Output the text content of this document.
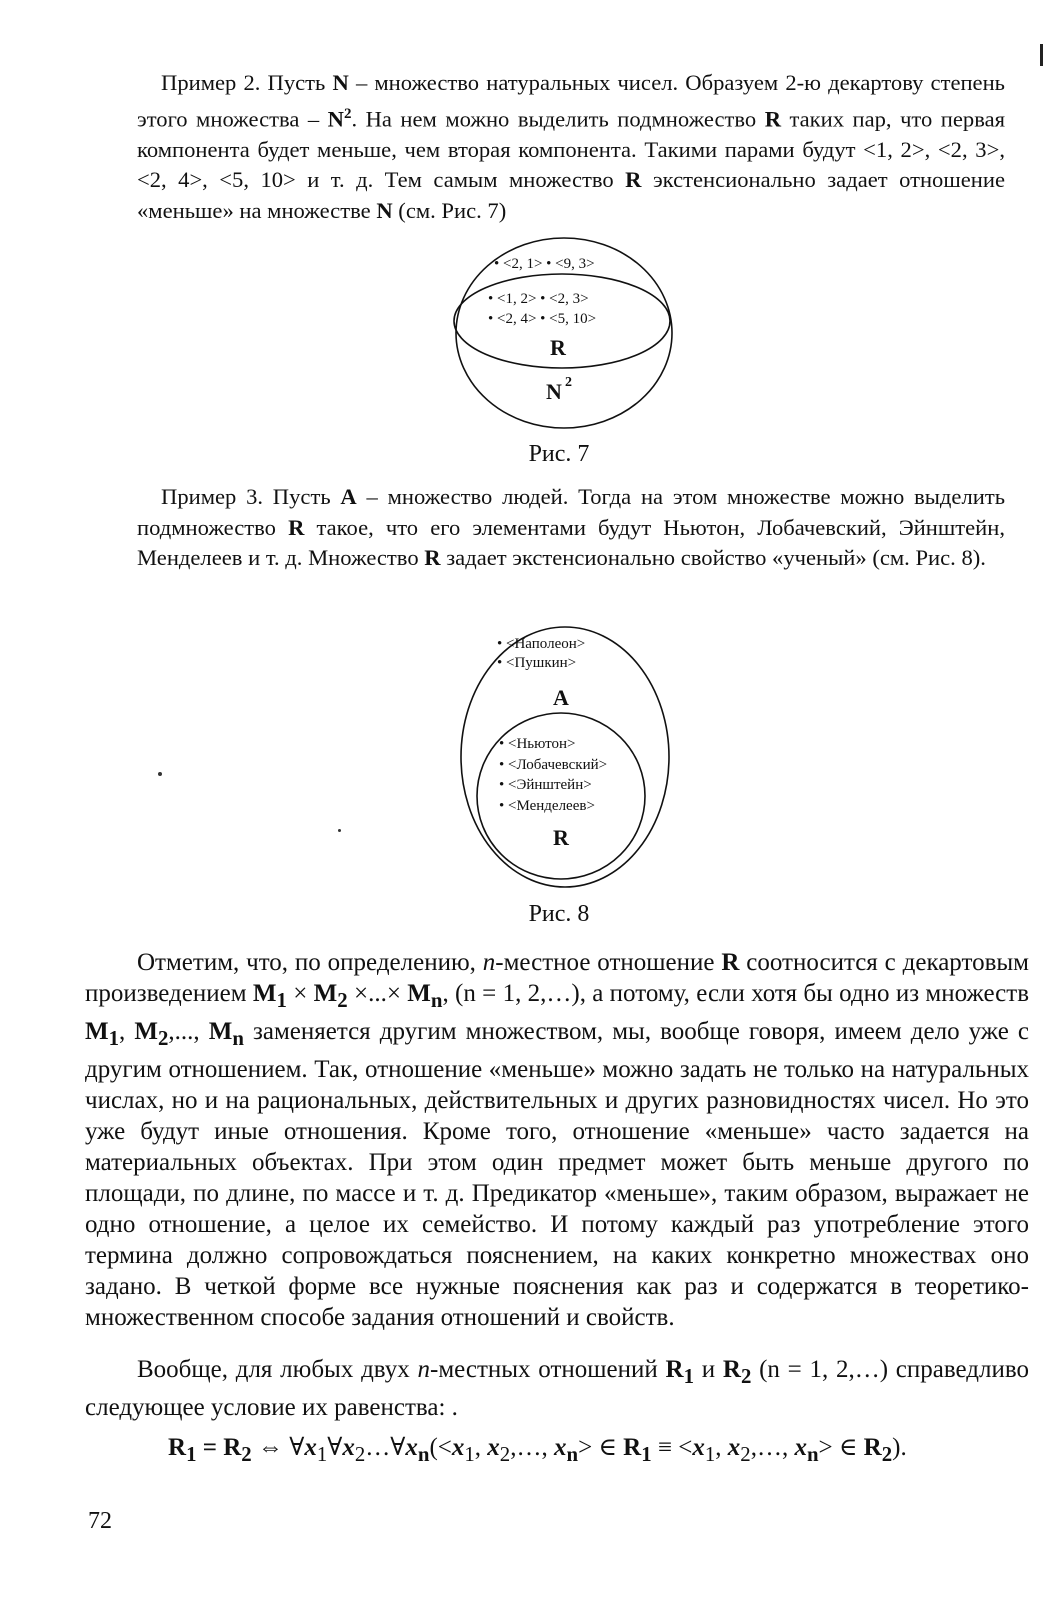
Пример 2. Пусть N – множество натуральных чисел. Образуем 2-ю декартову степень этого множества – $N^2$. На нем можно выделить подмножество R таких пар, что первая компонента будет меньше, чем вторая компонента. Такими парами будут <1, 2>, <2, 3>, <2, 4>, <5, 10> и т. д. Тем самым множество R экстенсионально задает отношение «меньше» на множестве N (см. Рис. 7)

• <2, 1> • <9, 3>
• <1, 2> • <2, 3>
• <2, 4> • <5, 10>
R
N 2
Рис. 7

Пример 3. Пусть A – множество людей. Тогда на этом множестве можно выделить подмножество R такое, что его элементами будут Ньютон, Лобачевский, Эйнштейн, Менделеев и т. д. Множество R задает экстенсионально свойство «ученый» (см. Рис. 8).

• <Наполеон>
• <Пушкин>
A
• <Ньютон>
• <Лобачевский>
• <Эйнштейн>
• <Менделеев>
R
Рис. 8

Отметим, что, по определению, n-местное отношение R соотносится с декартовым произведением $M_1 \times M_2$ ×...× $M_n$, (n = 1, 2,…), а потому, если хотя бы одно из множеств $M_1$, $M_2$,..., $M_n$ заменяется другим множеством, мы, вообще говоря, имеем дело уже с другим отношением. Так, отношение «меньше» можно задать не только на натуральных числах, но и на рациональных, действительных и других разновидностях чисел. Но это уже будут иные отношения. Кроме того, отношение «меньше» часто задается на материальных объектах. При этом один предмет может быть меньше другого по площади, по длине, по массе и т. д. Предикатор «меньше», таким образом, выражает не одно отношение, а целое их семейство. И потому каждый раз употребление этого термина должно сопровождаться пояснением, на каких конкретно множествах оно задано. В четкой форме все нужные пояснения как раз и содержатся в теоретико-множественном способе задания отношений и свойств.

Вообще, для любых двух n-местных отношений $R_1$ и $R_2$ (n = 1, 2,…) справедливо следующее условие их равенства: .

$R_1 = R_2$ ⇔ $\forall x_1\forall x_2\dots\forall x_n(<x_1$, $x_2,\dots$, $x_n>$ ∈ $R_1 \equiv <x_1$, $x_2,\dots$, $x_n>$ ∈ $R_2$).
72
